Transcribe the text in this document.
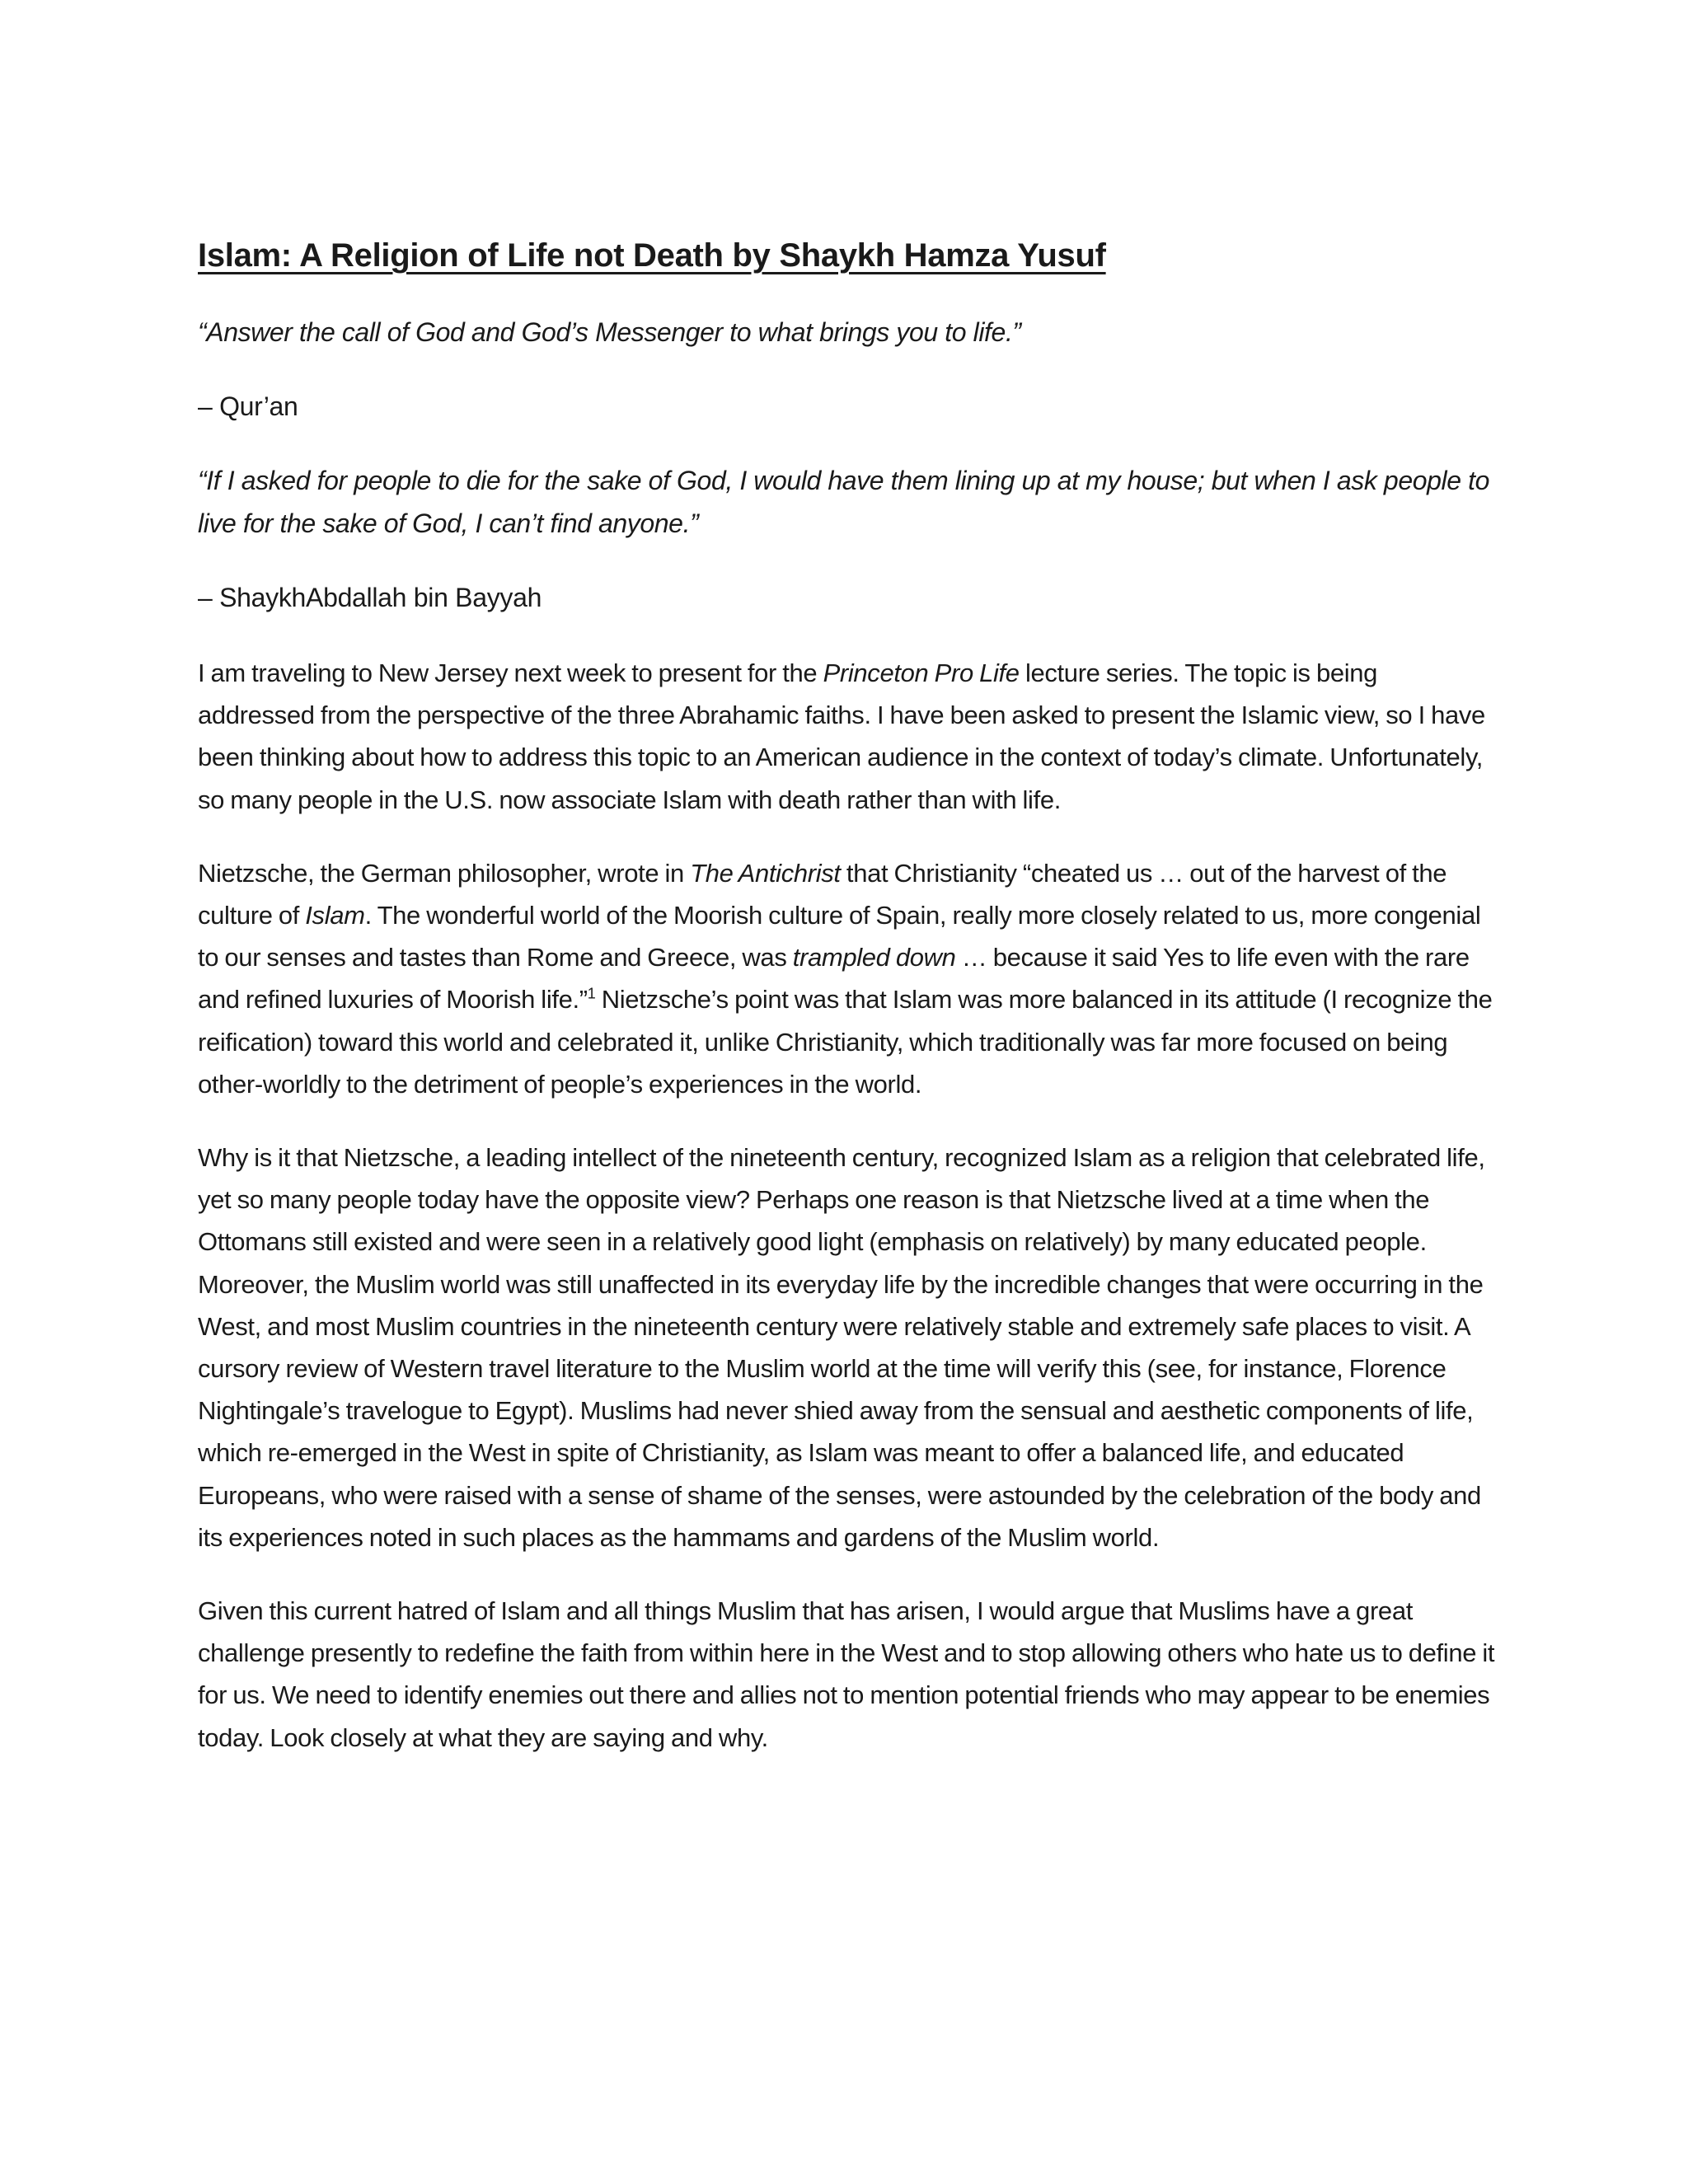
Islam: A Religion of Life not Death by Shaykh Hamza Yusuf

“Answer the call of God and God’s Messenger to what brings you to life.”

– Qur’an

“If I asked for people to die for the sake of God, I would have them lining up at my house; but when I ask people to live for the sake of God, I can’t find anyone.”

– ShaykhAbdallah bin Bayyah

I am traveling to New Jersey next week to present for the Princeton Pro Life lecture series. The topic is being addressed from the perspective of the three Abrahamic faiths. I have been asked to present the Islamic view, so I have been thinking about how to address this topic to an American audience in the context of today’s climate. Unfortunately, so many people in the U.S. now associate Islam with death rather than with life.

Nietzsche, the German philosopher, wrote in The Antichrist that Christianity “cheated us … out of the harvest of the culture of Islam. The wonderful world of the Moorish culture of Spain, really more closely related to us, more congenial to our senses and tastes than Rome and Greece, was trampled down … because it said Yes to life even with the rare and refined luxuries of Moorish life.”$^1$ Nietzsche’s point was that Islam was more balanced in its attitude (I recognize the reification) toward this world and celebrated it, unlike Christianity, which traditionally was far more focused on being other-worldly to the detriment of people’s experiences in the world.

Why is it that Nietzsche, a leading intellect of the nineteenth century, recognized Islam as a religion that celebrated life, yet so many people today have the opposite view? Perhaps one reason is that Nietzsche lived at a time when the Ottomans still existed and were seen in a relatively good light (emphasis on relatively) by many educated people. Moreover, the Muslim world was still unaffected in its everyday life by the incredible changes that were occurring in the West, and most Muslim countries in the nineteenth century were relatively stable and extremely safe places to visit. A cursory review of Western travel literature to the Muslim world at the time will verify this (see, for instance, Florence Nightingale’s travelogue to Egypt). Muslims had never shied away from the sensual and aesthetic components of life, which re-emerged in the West in spite of Christianity, as Islam was meant to offer a balanced life, and educated Europeans, who were raised with a sense of shame of the senses, were astounded by the celebration of the body and its experiences noted in such places as the hammams and gardens of the Muslim world.

Given this current hatred of Islam and all things Muslim that has arisen, I would argue that Muslims have a great challenge presently to redefine the faith from within here in the West and to stop allowing others who hate us to define it for us. We need to identify enemies out there and allies not to mention potential friends who may appear to be enemies today. Look closely at what they are saying and why.
